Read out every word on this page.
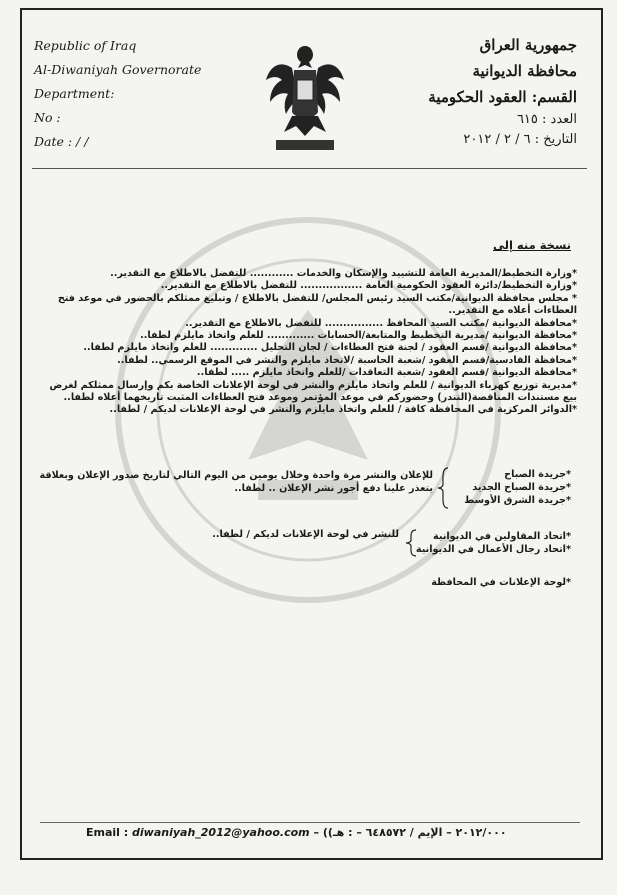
Republic of Iraq
Al-Diwaniyah Governorate
Department:
No :
Date : / /
جمهورية العراق
محافظة الديوانية
القسم: العقود الحكومية
العدد : ٦١٥
التاريخ : ٦ / ٢ / ٢٠١٢
نسخة منه إلى

*وزارة التخطيط/المديرية العامة للتشييد والإسكان والخدمات ............ للتفضل بالاطلاع مع التقدير..

*وزارة التخطيط/دائرة العقود الحكومية العامة ................. للتفضل بالاطلاع مع التقدير..

* مجلس محافظة الديوانية/مكتب السيد رئيس المجلس/ للتفضل بالاطلاع / وتبليغ ممثلكم بالحضور في موعد فتح العطاءات أعلاه مع التقدير..

*محافظة الديوانية /مكتب السيد المحافظ ................ للتفضل بالاطلاع مع التقدير..

*محافظة الديوانية /مديرية التخطيط والمتابعة/الحسابات ............. للعلم واتخاذ مايلزم لطفا..

*محافظة الديوانية /قسم العقود / لجنة فتح العطاءات / لجان التحليل ............. للعلم واتخاذ مايلزم لطفا..

*محافظة القادسية/قسم العقود /شعبة الحاسبة /لاتخاذ مايلزم والنشر في الموقع الرسمي.. لطفا..

*محافظة الديوانية /قسم العقود /شعبة التعاقدات /للعلم واتخاذ مايلزم ..... لطفا..

*مديرية توزيع كهرباء الديوانية / للعلم واتخاذ مايلزم والنشر في لوحة الإعلانات الخاصة بكم وإرسال ممثلكم لغرض بيع مستندات المناقصة(التندر) وحضوركم في موعد المؤتمر وموعد فتح العطاءات المثبت تاريخهما أعلاه لطفا..

*الدوائر المركزية في المحافظة كافة / للعلم واتخاذ مايلزم والنشر في لوحة الإعلانات لديكم / لطفا..

*جريدة الصباح
*جريدة الصباح الجديد
*جريدة الشرق الأوسط
للإعلان والنشر مرة واحدة وخلال يومين من اليوم التالي لتاريخ صدور الإعلان وبعلاقة
يتعذر علينا دفع أجور نشر الإعلان .. لطفا..
*اتحاد المقاولين في الديوانية
*اتحاد رجال الأعمال في الديوانية
للنشر في لوحة الإعلانات لديكم / لطفا..
*لوحة الإعلانات في المحافظة
Email : diwaniyah_2012@yahoo.com – ((٢٠١٢/٠٠٠ – الإيم / ٦٤٨٥٧٢ – : هـ
